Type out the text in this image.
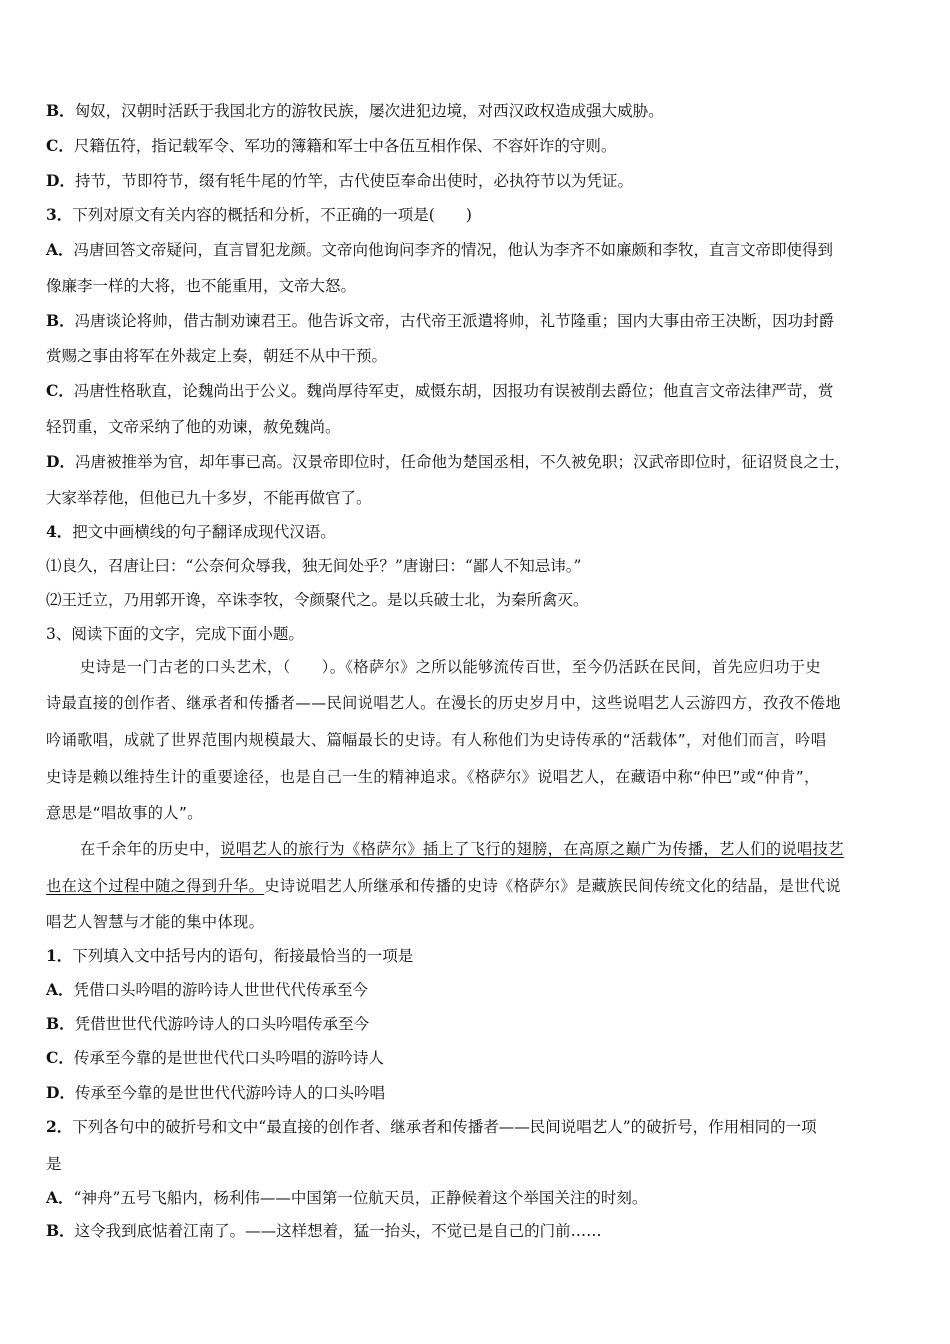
B．匈奴，汉朝时活跃于我国北方的游牧民族，屡次进犯边境，对西汉政权造成强大威胁。
C．尺籍伍符，指记载军令、军功的簿籍和军士中各伍互相作保、不容奸诈的守则。
D．持节，节即符节，缀有牦牛尾的竹竿，古代使臣奉命出使时，必执符节以为凭证。
3．下列对原文有关内容的概括和分析，不正确的一项是(　　)
A．冯唐回答文帝疑问，直言冒犯龙颜。文帝向他询问李齐的情况，他认为李齐不如廉颇和李牧，直言文帝即使得到
像廉李一样的大将，也不能重用，文帝大怒。
B．冯唐谈论将帅，借古制劝谏君王。他告诉文帝，古代帝王派遣将帅，礼节隆重；国内大事由帝王决断，因功封爵
赏赐之事由将军在外裁定上奏，朝廷不从中干预。
C．冯唐性格耿直，论魏尚出于公义。魏尚厚待军吏，威慑东胡，因报功有误被削去爵位；他直言文帝法律严苛，赏
轻罚重，文帝采纳了他的劝谏，赦免魏尚。
D．冯唐被推举为官，却年事已高。汉景帝即位时，任命他为楚国丞相，不久被免职；汉武帝即位时，征诏贤良之士，
大家举荐他，但他已九十多岁，不能再做官了。
4．把文中画横线的句子翻译成现代汉语。
⑴良久，召唐让曰：“公奈何众辱我，独无间处乎？”唐谢曰：“鄙人不知忌讳。”
⑵王迁立，乃用郭开谗，卒诛李牧，令颜聚代之。是以兵破士北，为秦所禽灭。
3、阅读下面的文字，完成下面小题。
史诗是一门古老的口头艺术，（　　）。《格萨尔》之所以能够流传百世，至今仍活跃在民间，首先应归功于史
诗最直接的创作者、继承者和传播者——民间说唱艺人。在漫长的历史岁月中，这些说唱艺人云游四方，孜孜不倦地
吟诵歌唱，成就了世界范围内规模最大、篇幅最长的史诗。有人称他们为史诗传承的“活载体”，对他们而言，吟唱
史诗是赖以维持生计的重要途径，也是自己一生的精神追求。《格萨尔》说唱艺人，在藏语中称“仲巴”或“仲肯”，
意思是“唱故事的人”。
在千余年的历史中，说唱艺人的旅行为《格萨尔》插上了飞行的翅膀，在高原之巅广为传播，艺人们的说唱技艺
也在这个过程中随之得到升华。史诗说唱艺人所继承和传播的史诗《格萨尔》是藏族民间传统文化的结晶，是世代说
唱艺人智慧与才能的集中体现。
1．下列填入文中括号内的语句，衔接最恰当的一项是
A．凭借口头吟唱的游吟诗人世世代代传承至今
B．凭借世世代代游吟诗人的口头吟唱传承至今
C．传承至今靠的是世世代代口头吟唱的游吟诗人
D．传承至今靠的是世世代代游吟诗人的口头吟唱
2．下列各句中的破折号和文中“最直接的创作者、继承者和传播者——民间说唱艺人”的破折号，作用相同的一项
是
A．“神舟”五号飞船内，杨利伟——中国第一位航天员，正静候着这个举国关注的时刻。
B．这令我到底惦着江南了。——这样想着，猛一抬头，不觉已是自己的门前……
